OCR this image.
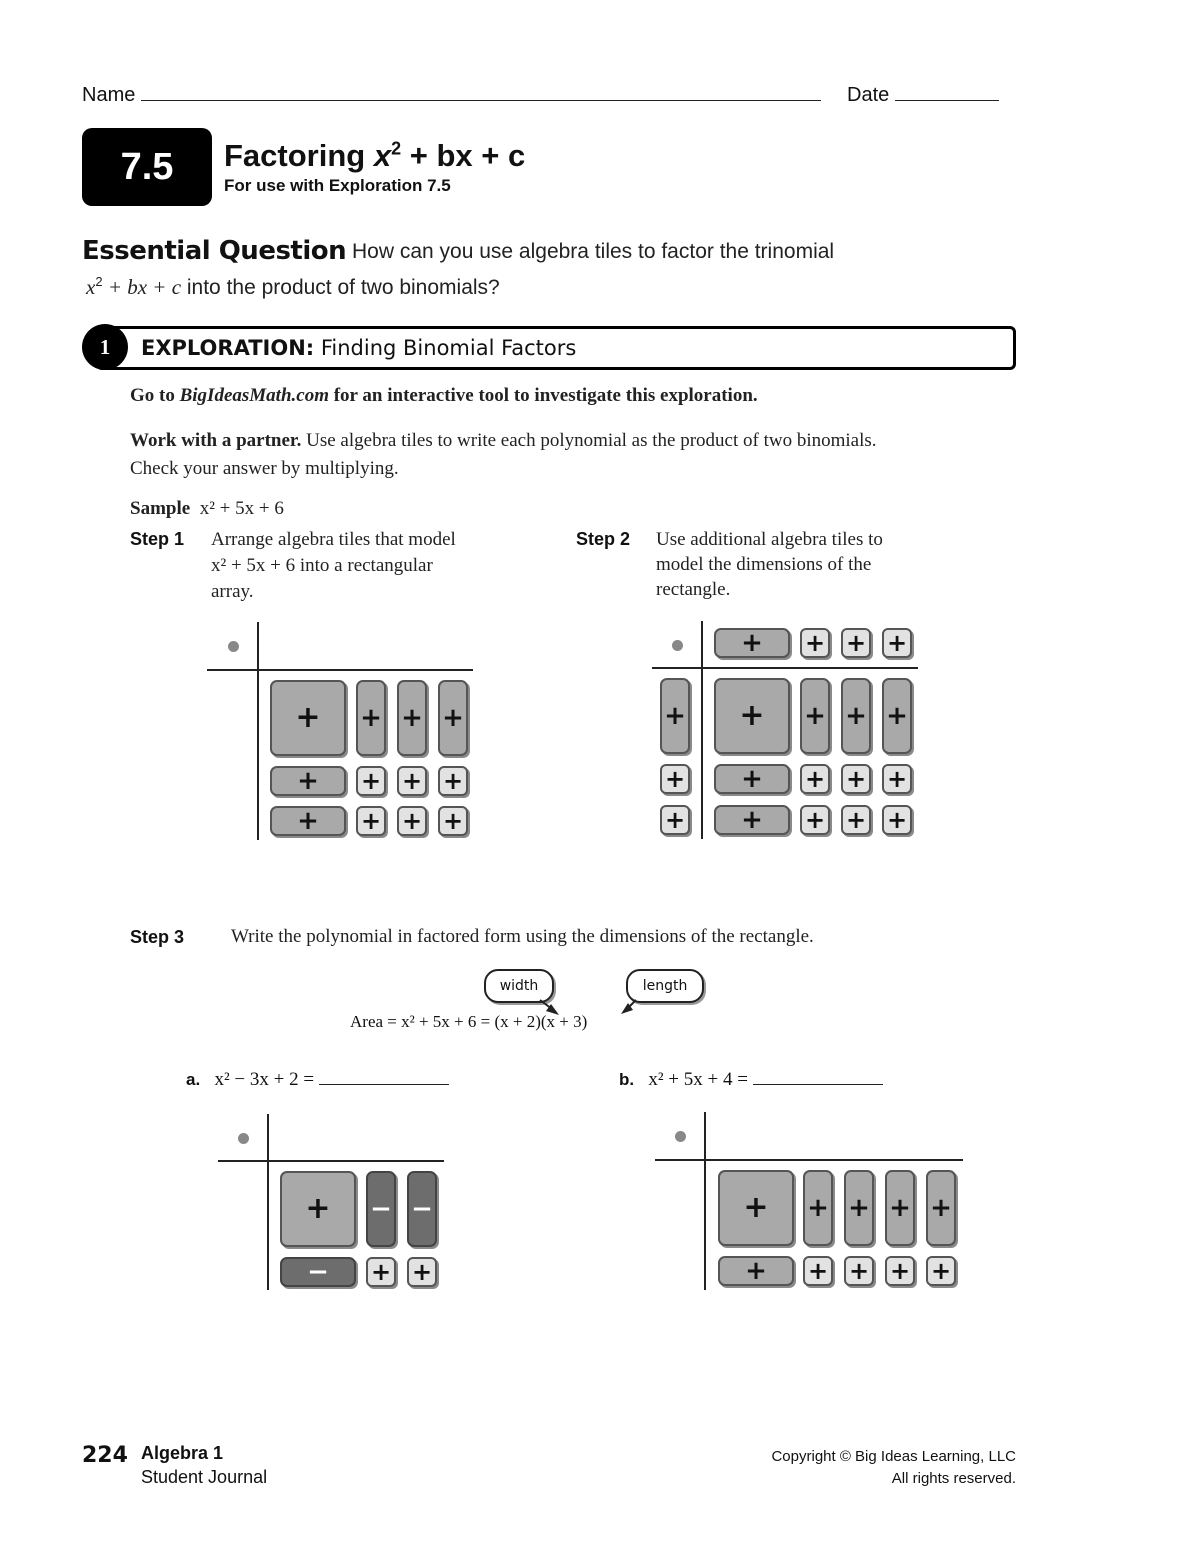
Name	Date
7.5	Factoring $x^2$ + bx + c
For use with Exploration 7.5
Essential Question How can you use algebra tiles to factor the trinomial
$x^2$ + bx + c into the product of two binomials?
1	EXPLORATION: Finding Binomial Factors
Go to BigIdeasMath.com for an interactive tool to investigate this exploration.
Work with a partner. Use algebra tiles to write each polynomial as the product of two binomials. Check your answer by multiplying.
Sample x² + 5x + 6
Step 1 Arrange algebra tiles that model x² + 5x + 6 into a rectangular array.
Step 2 Use additional algebra tiles to model the dimensions of the rectangle.
+	+ + +
+	+ + +
+	+ + +
+	+ + +
+
+
+
+	+ + +
+	+ + +
+	+ + +
Step 3 Write the polynomial in factored form using the dimensions of the rectangle.
width	length
Area = x² + 5x + 6 = (x + 2)(x + 3)
a. x² − 3x + 2 =
+	− −
−	+ +
b. x² + 5x + 4 =
+	+ + + +
+	+ + + +
224 Algebra 1
Student Journal
Copyright © Big Ideas Learning, LLC
All rights reserved.
